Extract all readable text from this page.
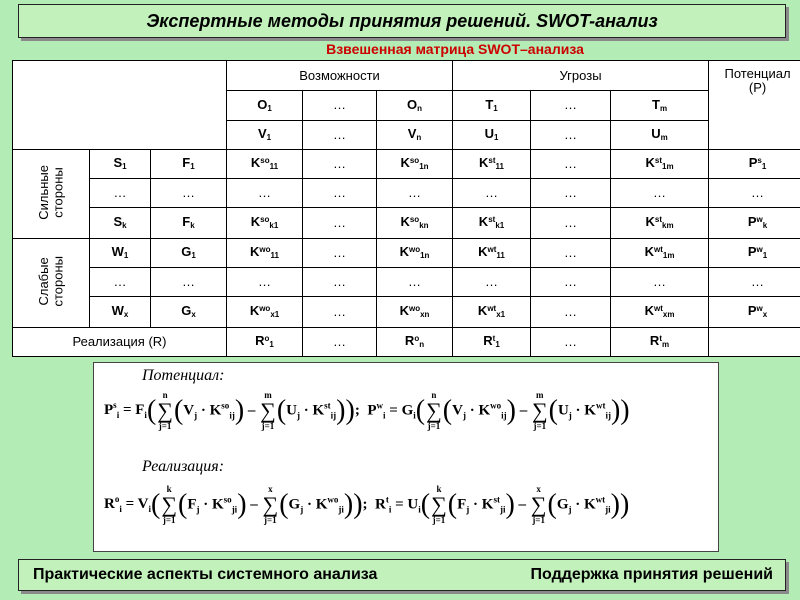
Экспертные методы принятия решений. SWOT-анализ
Взвешенная матрица SWOT–анализа
			Возможности			Угрозы			Потенциал
(P)
			$O_1$	…	$O_n$	$T_1$	…	$T_m$
			$V_1$	…	$V_n$	$U_1$	…	$U_m$
Сильные
стороны	$S_1$	$F_1$	$K^{so}_{11}$	…	$K^{so}_{1n}$	$K^{st}_{11}$	…	$K^{st}_{1m}$	$P^s_1$
	…	…	…	…	…	…	…	…	…
	$S_k$	$F_k$	$K^{so}_{k1}$	…	$K^{so}_{kn}$	$K^{st}_{k1}$	…	$K^{st}_{km}$	$P^w_k$
Слабые
стороны	$W_1$	$G_1$	$K^{wo}_{11}$	…	$K^{wo}_{1n}$	$K^{wt}_{11}$	…	$K^{wt}_{1m}$	$P^w_1$
	…	…	…	…	…	…	…	…	…
	$W_x$	$G_x$	$K^{wo}_{x1}$	…	$K^{wo}_{xn}$	$K^{wt}_{x1}$	…	$K^{wt}_{xm}$	$P^w_x$
Реализация (R)			$R^o_1$	…	$R^o_n$	$R^t_1$	…	$R^t_m$	
Потенциал:
$P^s_i = F_i$( n
∑
j=1 $(V_j \cdot K^{so}_{ij})$ –
m
∑
j=1 $(U_j \cdot K^{st}_{ij})$);  $P^w_i = G_i$( n
∑
j=1 $(V_j \cdot K^{wo}_{ij})$ –
m
∑
j=1 $(U_j \cdot K^{wt}_{ij})$)
Реализация:
$R^o_i = V_i$( k
∑
j=1 $(F_j \cdot K^{so}_{ji})$ –
x
∑
j=1 $(G_j \cdot K^{wo}_{ji})$);  $R^t_i = U_i$( k
∑
j=1 $(F_j \cdot K^{st}_{ji})$ –
x
∑
j=1 $(G_j \cdot K^{wt}_{ji})$)
Практические аспекты системного анализа	Поддержка принятия решений
